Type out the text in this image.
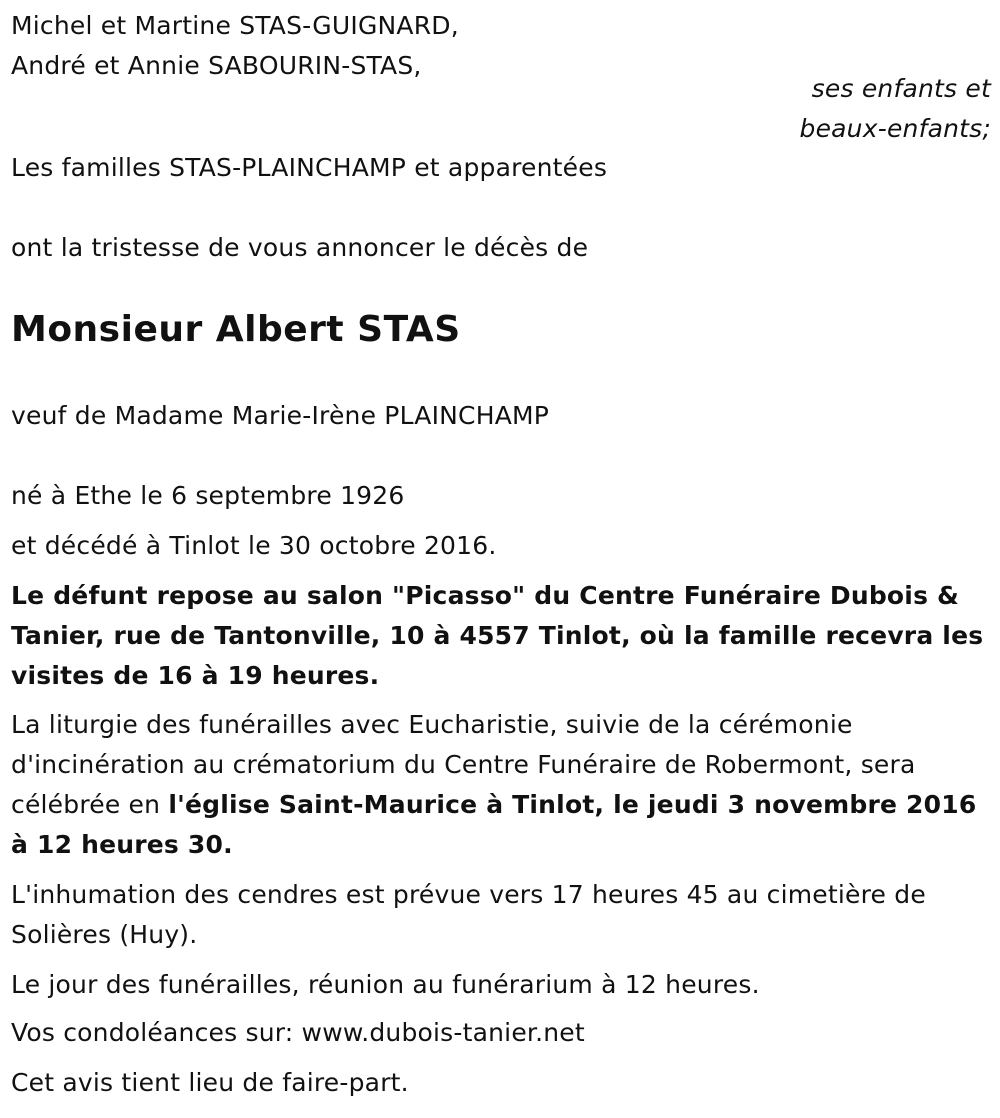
Michel et Martine STAS-GUIGNARD,
André et Annie SABOURIN-STAS,
ses enfants et
beaux-enfants;
Les familles STAS-PLAINCHAMP et apparentées
ont la tristesse de vous annoncer le décès de
Monsieur Albert STAS
veuf de Madame Marie-Irène PLAINCHAMP
né à Ethe le 6 septembre 1926
et décédé à Tinlot le 30 octobre 2016.
Le défunt repose au salon "Picasso" du Centre Funéraire Dubois & Tanier, rue de Tantonville, 10 à 4557 Tinlot, où la famille recevra les visites de 16 à 19 heures.
La liturgie des funérailles avec Eucharistie, suivie de la cérémonie d'incinération au crématorium du Centre Funéraire de Robermont, sera célébrée en l'église Saint-Maurice à Tinlot, le jeudi 3 novembre 2016 à 12 heures 30.
L'inhumation des cendres est prévue vers 17 heures 45 au cimetière de Solières (Huy).
Le jour des funérailles, réunion au funérarium à 12 heures.
Vos condoléances sur: www.dubois-tanier.net
Cet avis tient lieu de faire-part.
